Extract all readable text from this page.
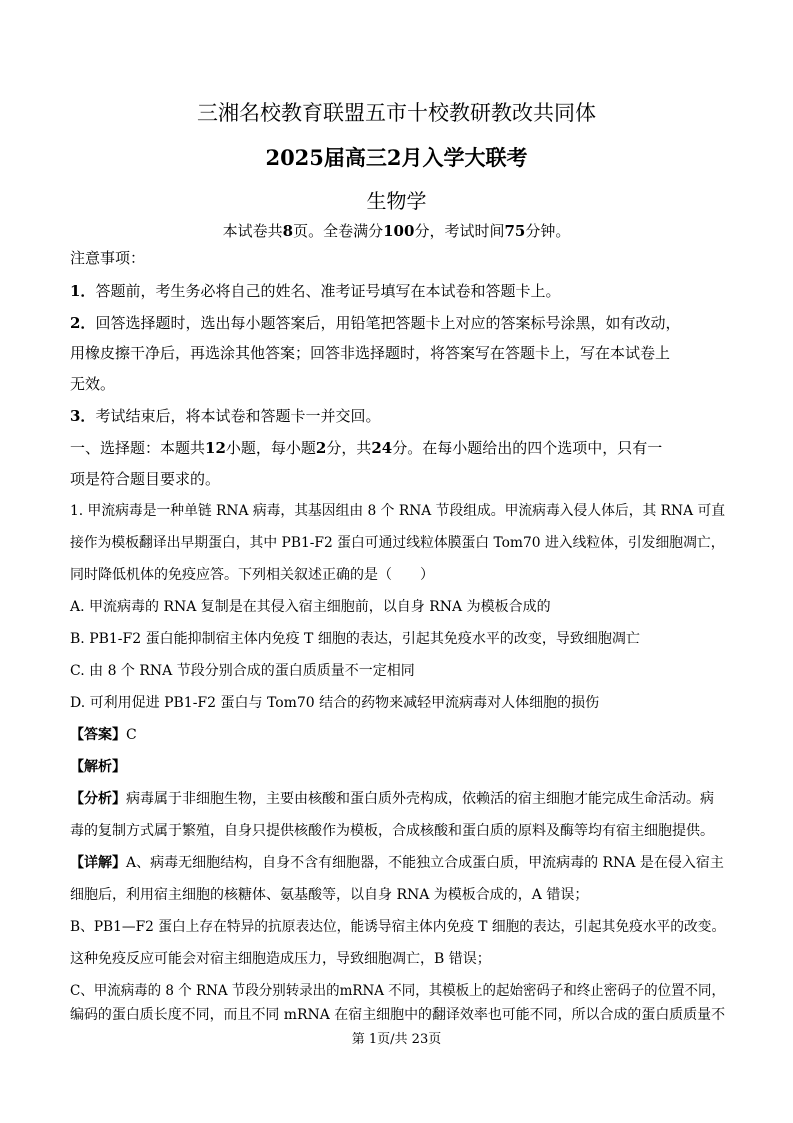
三湘名校教育联盟五市十校教研教改共同体
2025届高三2月入学大联考
生物学
本试卷共8页。全卷满分100分，考试时间75分钟。
注意事项：
1．答题前，考生务必将自己的姓名、准考证号填写在本试卷和答题卡上。
2．回答选择题时，选出每小题答案后，用铅笔把答题卡上对应的答案标号涂黑，如有改动，
用橡皮擦干净后，再选涂其他答案；回答非选择题时，将答案写在答题卡上，写在本试卷上
无效。
3．考试结束后，将本试卷和答题卡一并交回。
一、选择题：本题共12小题，每小题2分，共24分。在每小题给出的四个选项中，只有一
项是符合题目要求的。
1. 甲流病毒是一种单链 RNA 病毒，其基因组由 8 个 RNA 节段组成。甲流病毒入侵人体后，其 RNA 可直
接作为模板翻译出早期蛋白，其中 PB1-F2 蛋白可通过线粒体膜蛋白 Tom70 进入线粒体，引发细胞凋亡，
同时降低机体的免疫应答。下列相关叙述正确的是（　　）
A. 甲流病毒的 RNA 复制是在其侵入宿主细胞前，以自身 RNA 为模板合成的
B. PB1-F2 蛋白能抑制宿主体内免疫 T 细胞的表达，引起其免疫水平的改变，导致细胞凋亡
C. 由 8 个 RNA 节段分别合成的蛋白质质量不一定相同
D. 可利用促进 PB1-F2 蛋白与 Tom70 结合的药物来减轻甲流病毒对人体细胞的损伤
【答案】C
【解析】
【分析】病毒属于非细胞生物，主要由核酸和蛋白质外壳构成，依赖活的宿主细胞才能完成生命活动。病
毒的复制方式属于繁殖，自身只提供核酸作为模板，合成核酸和蛋白质的原料及酶等均有宿主细胞提供。
【详解】A、病毒无细胞结构，自身不含有细胞器，不能独立合成蛋白质，甲流病毒的 RNA 是在侵入宿主
细胞后，利用宿主细胞的核糖体、氨基酸等，以自身 RNA 为模板合成的，A 错误；
B、PB1—F2 蛋白上存在特异的抗原表达位，能诱导宿主体内免疫 T 细胞的表达，引起其免疫水平的改变。
这种免疫反应可能会对宿主细胞造成压力，导致细胞凋亡，B 错误；
C、甲流病毒的 8 个 RNA 节段分别转录出的mRNA 不同，其模板上的起始密码子和终止密码子的位置不同，
编码的蛋白质长度不同，而且不同 mRNA 在宿主细胞中的翻译效率也可能不同，所以合成的蛋白质质量不
第 1页/共 23页
